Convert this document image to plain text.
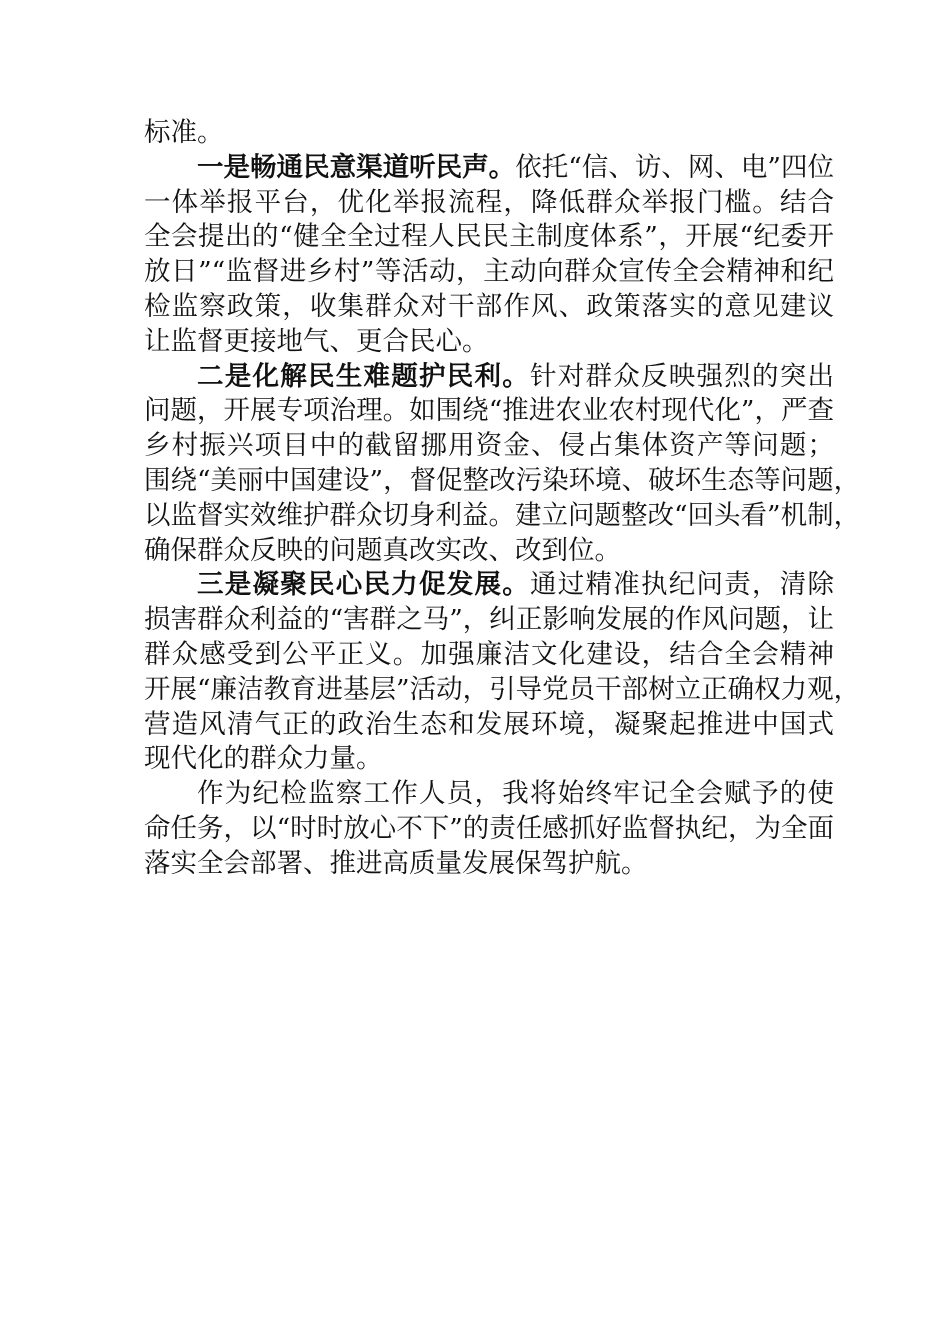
标准。
一是畅通民意渠道听民声。依托“信、访、网、电”四位
一体举报平台，优化举报流程，降低群众举报门槛。结合
全会提出的“健全全过程人民民主制度体系”，开展“纪委开
放日”“监督进乡村”等活动，主动向群众宣传全会精神和纪
检监察政策，收集群众对干部作风、政策落实的意见建议
让监督更接地气、更合民心。
二是化解民生难题护民利。针对群众反映强烈的突出
问题，开展专项治理。如围绕“推进农业农村现代化”，严查
乡村振兴项目中的截留挪用资金、侵占集体资产等问题；
围绕“美丽中国建设”，督促整改污染环境、破坏生态等问题，
以监督实效维护群众切身利益。建立问题整改“回头看”机制，
确保群众反映的问题真改实改、改到位。
三是凝聚民心民力促发展。通过精准执纪问责，清除
损害群众利益的“害群之马”，纠正影响发展的作风问题，让
群众感受到公平正义。加强廉洁文化建设，结合全会精神
开展“廉洁教育进基层”活动，引导党员干部树立正确权力观，
营造风清气正的政治生态和发展环境，凝聚起推进中国式
现代化的群众力量。
作为纪检监察工作人员，我将始终牢记全会赋予的使
命任务，以“时时放心不下”的责任感抓好监督执纪，为全面
落实全会部署、推进高质量发展保驾护航。
